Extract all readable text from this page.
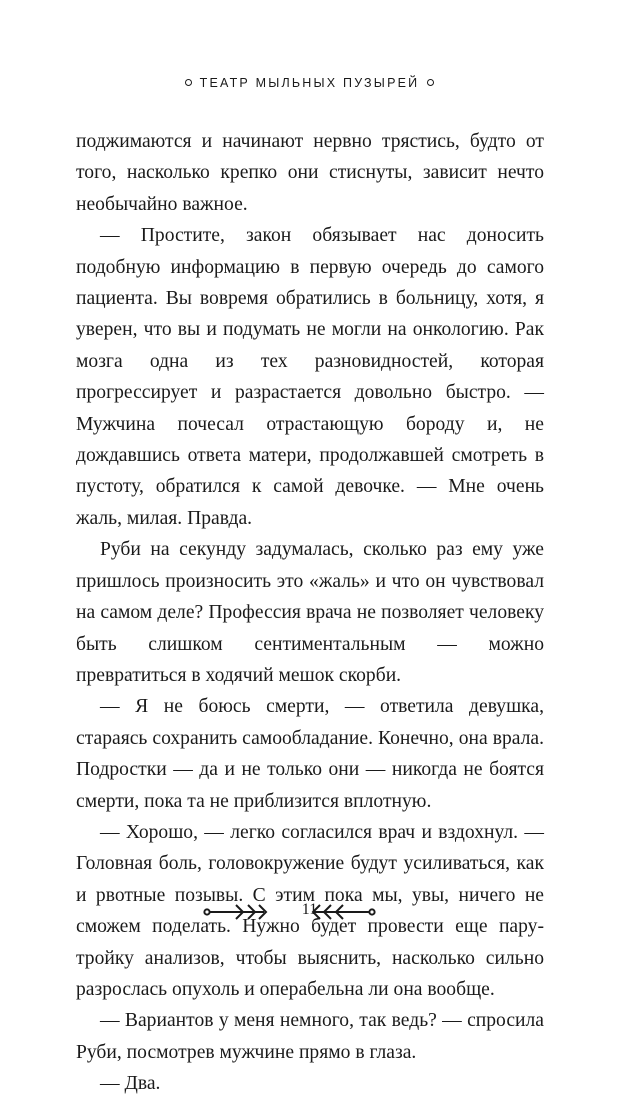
ТЕАТР МЫЛЬНЫХ ПУЗЫРЕЙ

поджимаются и начинают нервно трястись, будто от того, насколько крепко они стиснуты, зависит нечто необычайно важное.

— Простите, закон обязывает нас доносить подобную информацию в первую очередь до самого пациента. Вы вовремя обратились в больницу, хотя, я уверен, что вы и подумать не могли на онкологию. Рак мозга одна из тех разновидностей, которая прогрессирует и разрастается довольно быстро. — Мужчина почесал отрастающую бороду и, не дождавшись ответа матери, продолжавшей смотреть в пустоту, обратился к самой девочке. — Мне очень жаль, милая. Правда.

Руби на секунду задумалась, сколько раз ему уже пришлось произносить это «жаль» и что он чувствовал на самом деле? Профессия врача не позволяет человеку быть слишком сентиментальным — можно превратиться в ходячий мешок скорби.

— Я не боюсь смерти, — ответила девушка, стараясь сохранить самообладание. Конечно, она врала. Подростки — да и не только они — никогда не боятся смерти, пока та не приблизится вплотную.

— Хорошо, — легко согласился врач и вздохнул. — Головная боль, головокружение будут усиливаться, как и рвотные позывы. С этим пока мы, увы, ничего не сможем поделать. Нужно будет провести еще пару-тройку анализов, чтобы выяснить, насколько сильно разрослась опухоль и операбельна ли она вообще.

— Вариантов у меня немного, так ведь? — спросила Руби, посмотрев мужчине прямо в глаза.

— Два.

11
